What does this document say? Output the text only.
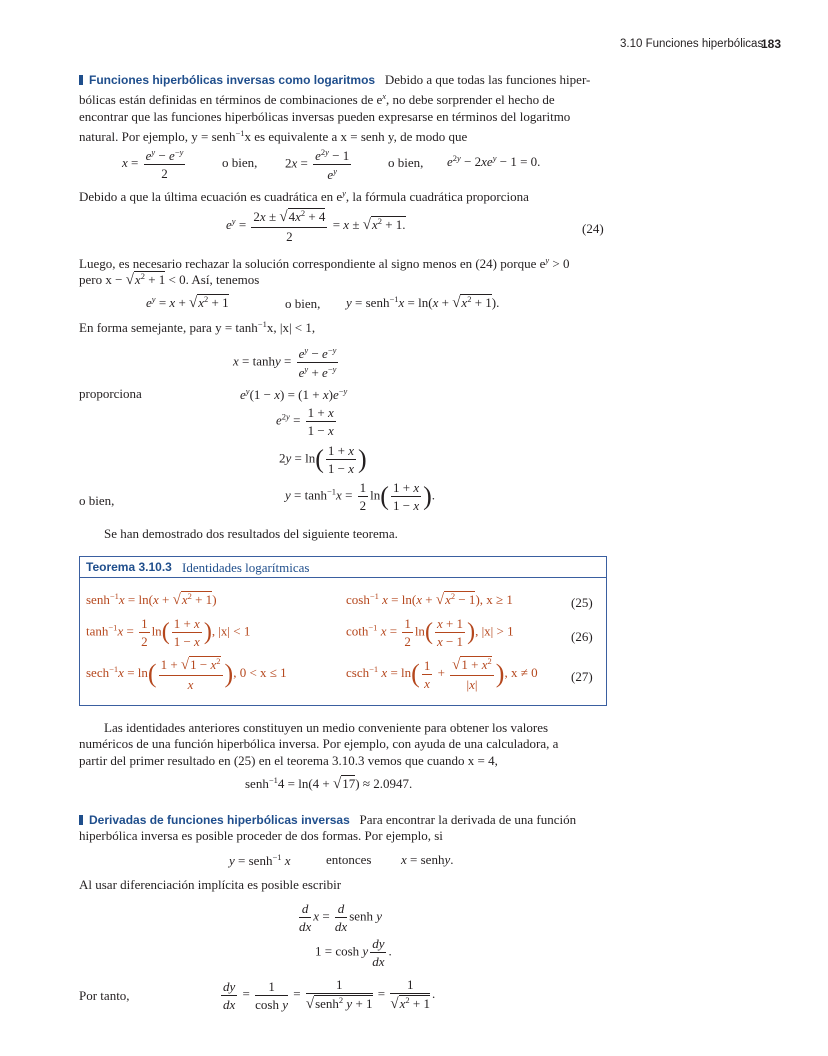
3.10 Funciones hiperbólicas
183

Funciones hiperbólicas inversas como logaritmos Debido a que todas las funciones hiper-

bólicas están definidas en términos de combinaciones de $e^x$, no debe sorprender el hecho de

encontrar que las funciones hiperbólicas inversas pueden expresarse en términos del logaritmo

natural. Por ejemplo, y = senh$^{-1}$x es equivalente a x = senh y, de modo que

$x = \frac{e^y - e^{-y}}{2}$	o bien, $2x = \frac{e^{2y} - 1}{e^y}$	o bien, $e^{2y} - 2xe^y - 1 = 0$.
Debido a que la última ecuación es cuadrática en $e^y$, la fórmula cuadrática proporciona
$e^y = \frac{2x \pm √4x^2 + 4}{2} = x \pm √x^2 + 1$.	(24)
Luego, es necesario rechazar la solución correspondiente al signo menos en (24) porque $e^y > 0$
pero $x - √x^2 + 1 < 0$. Así, tenemos
$e^y = x + √x^2 + 1$	o bien, y = senh$^{-1}$x = $\ln(x + √x^2 + 1)$.
En forma semejante, para $y = \tanh^{-1}x$, |x| < 1,
$x = \tanh y = \frac{e^y - e^{-y}}{e^y + e^{-y}}$
proporciona	$e^y(1 - x) = (1 + x)e^{-y}$
$e^{2y} = \frac{1 + x}{1 - x}$
$2y = \ln( \frac{1 + x}{1 - x}$ )
o bien,	$y = \tanh^{-1}x = \frac{1}{2} \ln( \frac{1 + x}{1 - x}$ ).
Se han demostrado dos resultados del siguiente teorema.
Teorema 3.10.3 Identidades logarítmicas
senh$^{-1}$x = $\ln(x + √x^2 + 1)$	$\cosh^{-1} x = \ln(x + √x^2 - 1)$, x ≥ 1	(25)
$\tanh^{-1}x = \frac{1}{2} \ln( \frac{1 + x}{1 - x}$ ), |x| < 1	coth$^{-1}$ $x = \frac{1}{2} \ln( \frac{x + 1}{x - 1}$ ), |x| > 1	(26)
$\sec h^{-1}x = \ln( \frac{1 + √1 - x^2}{x}$ ), 0 < x ≤ 1	csch$^{-1}$ $x = \ln( \frac{1}{x} + \frac{√1 + x^2}{|x|}$ ), x ≠ 0	(27)

Las identidades anteriores constituyen un medio conveniente para obtener los valores

numéricos de una función hiperbólica inversa. Por ejemplo, con ayuda de una calculadora, a

partir del primer resultado en (25) en el teorema 3.10.3 vemos que cuando x = 4,

senh$^{-1}$4 = ln(4 + √17) ≈ 2.0947.

Derivadas de funciones hiperbólicas inversas Para encontrar la derivada de una función

hiperbólica inversa es posible proceder de dos formas. Por ejemplo, si

y = senh$^{-1}$ x	entonces x = senhy.
Al usar diferenciación implícita es posible escribir
$\frac{d}{dx}$ $x = \frac{d}{dx}$ senh y
1 = cosh y $\frac{dy}{dx}$ .
Por tanto,	$\frac{dy}{dx} = \frac{1}{\text{cosh y}} = \frac{1}{√senh^2 y + 1} = \frac{1}{√x^2 + 1}$ .
